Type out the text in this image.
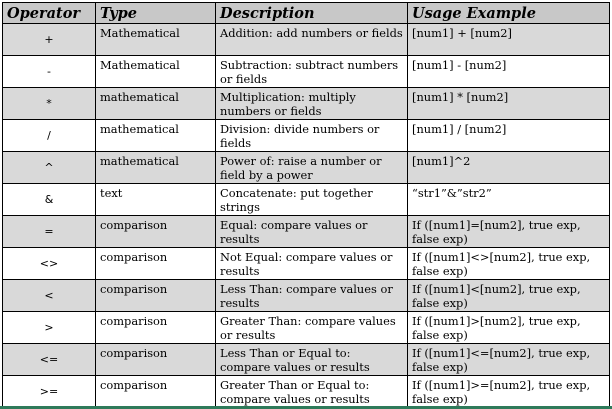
Operator	Type	Description	Usage Example
+	Mathematical	Addition: add numbers or fields	[num1] + [num2]
-	Mathematical	Subtraction: subtract numbers or fields	[num1] - [num2]
*	mathematical	Multiplication: multiply numbers or fields	[num1] * [num2]
/	mathematical	Division: divide numbers or fields	[num1] / [num2]
^	mathematical	Power of: raise a number or field by a power	[num1]^2
&	text	Concatenate: put together strings	“str1”&”str2”
=	comparison	Equal: compare values or results	If ([num1]=[num2], true exp, false exp)
<>	comparison	Not Equal: compare values or results	If ([num1]<>[num2], true exp, false exp)
<	comparison	Less Than: compare values or results	If ([num1]<[num2], true exp, false exp)
>	comparison	Greater Than: compare values or results	If ([num1]>[num2], true exp, false exp)
<=	comparison	Less Than or Equal to: compare values or results	If ([num1]<=[num2], true exp, false exp)
>=	comparison	Greater Than or Equal to: compare values or results	If ([num1]>=[num2], true exp, false exp)
